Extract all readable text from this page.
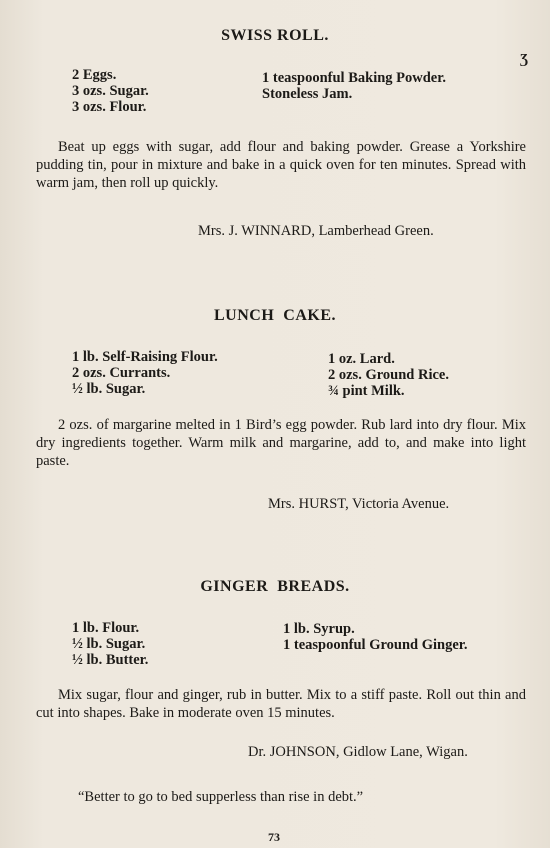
SWISS ROLL.
Ʒ
2 Eggs.
3 ozs. Sugar.
3 ozs. Flour.
1 teaspoonful Baking Powder.
Stoneless Jam.

Beat up eggs with sugar, add flour and baking powder. Grease a Yorkshire pudding tin, pour in mixture and bake in a quick oven for ten minutes. Spread with warm jam, then roll up quickly.

Mrs. J. WINNARD, Lamberhead Green.
LUNCH  CAKE.
1 lb. Self-Raising Flour.
2 ozs. Currants.
½ lb. Sugar.
1 oz. Lard.
2 ozs. Ground Rice.
¾ pint Milk.

2 ozs. of margarine melted in 1 Bird’s egg powder. Rub lard into dry flour. Mix dry ingredients together. Warm milk and margarine, add to, and make into light paste.

Mrs. HURST, Victoria Avenue.
GINGER  BREADS.
1 lb. Flour.
½ lb. Sugar.
½ lb. Butter.
1 lb. Syrup.
1 teaspoonful Ground Ginger.

Mix sugar, flour and ginger, rub in butter. Mix to a stiff paste. Roll out thin and cut into shapes. Bake in moderate oven 15 minutes.

Dr. JOHNSON, Gidlow Lane, Wigan.
“Better to go to bed supperless than rise in debt.”
73
